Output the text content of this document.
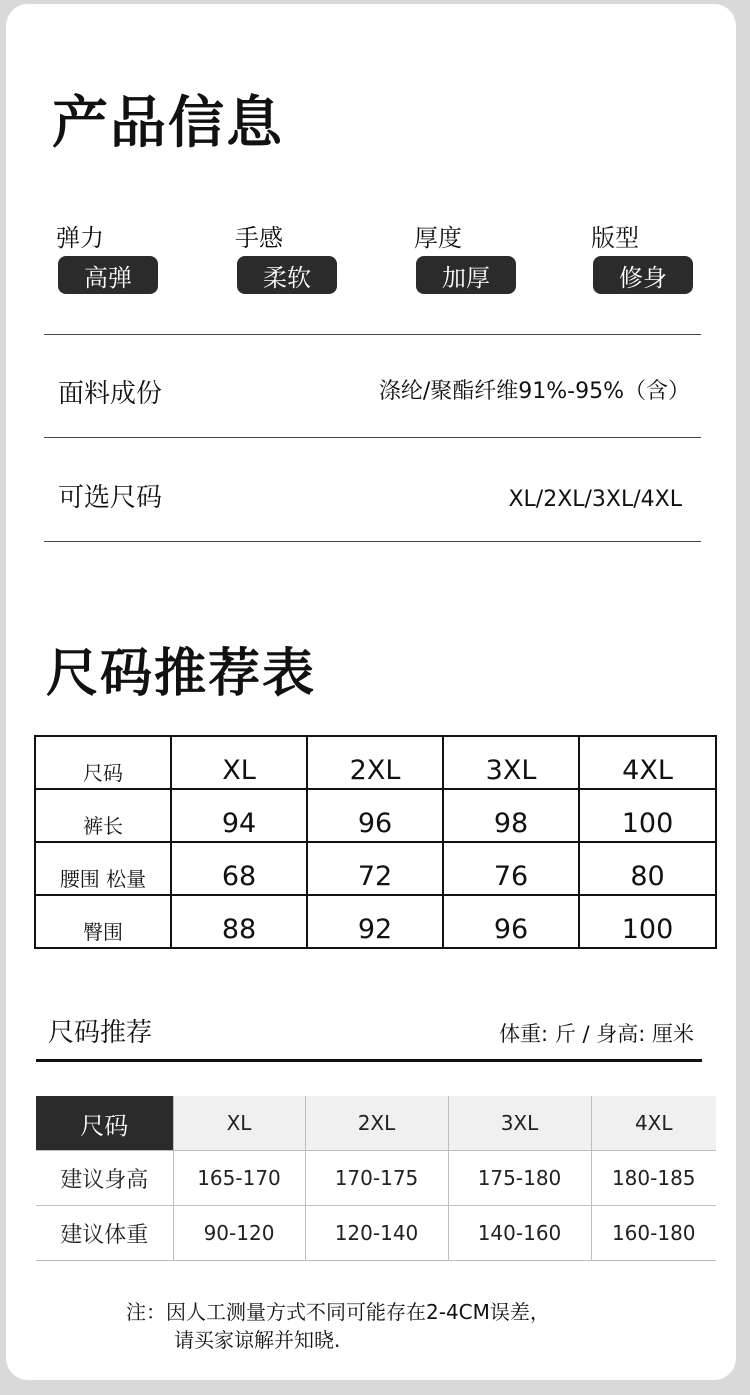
产品信息
弹力
高弹
手感
柔软
厚度
加厚
版型
修身
面料成份	涤纶/聚酯纤维91%-95%（含）
可选尺码	XL/2XL/3XL/4XL
尺码推荐表
尺码	XL	2XL	3XL	4XL
裤长	94	96	98	100
腰围 松量	68	72	76	80
臀围	88	92	96	100
尺码推荐	体重: 斤 / 身高: 厘米
尺码	XL	2XL	3XL	4XL
建议身高	165-170	170-175	175-180	180-185
建议体重	90-120	120-140	140-160	160-180
注：因人工测量方式不同可能存在2-4CM误差，
请买家谅解并知晓.
